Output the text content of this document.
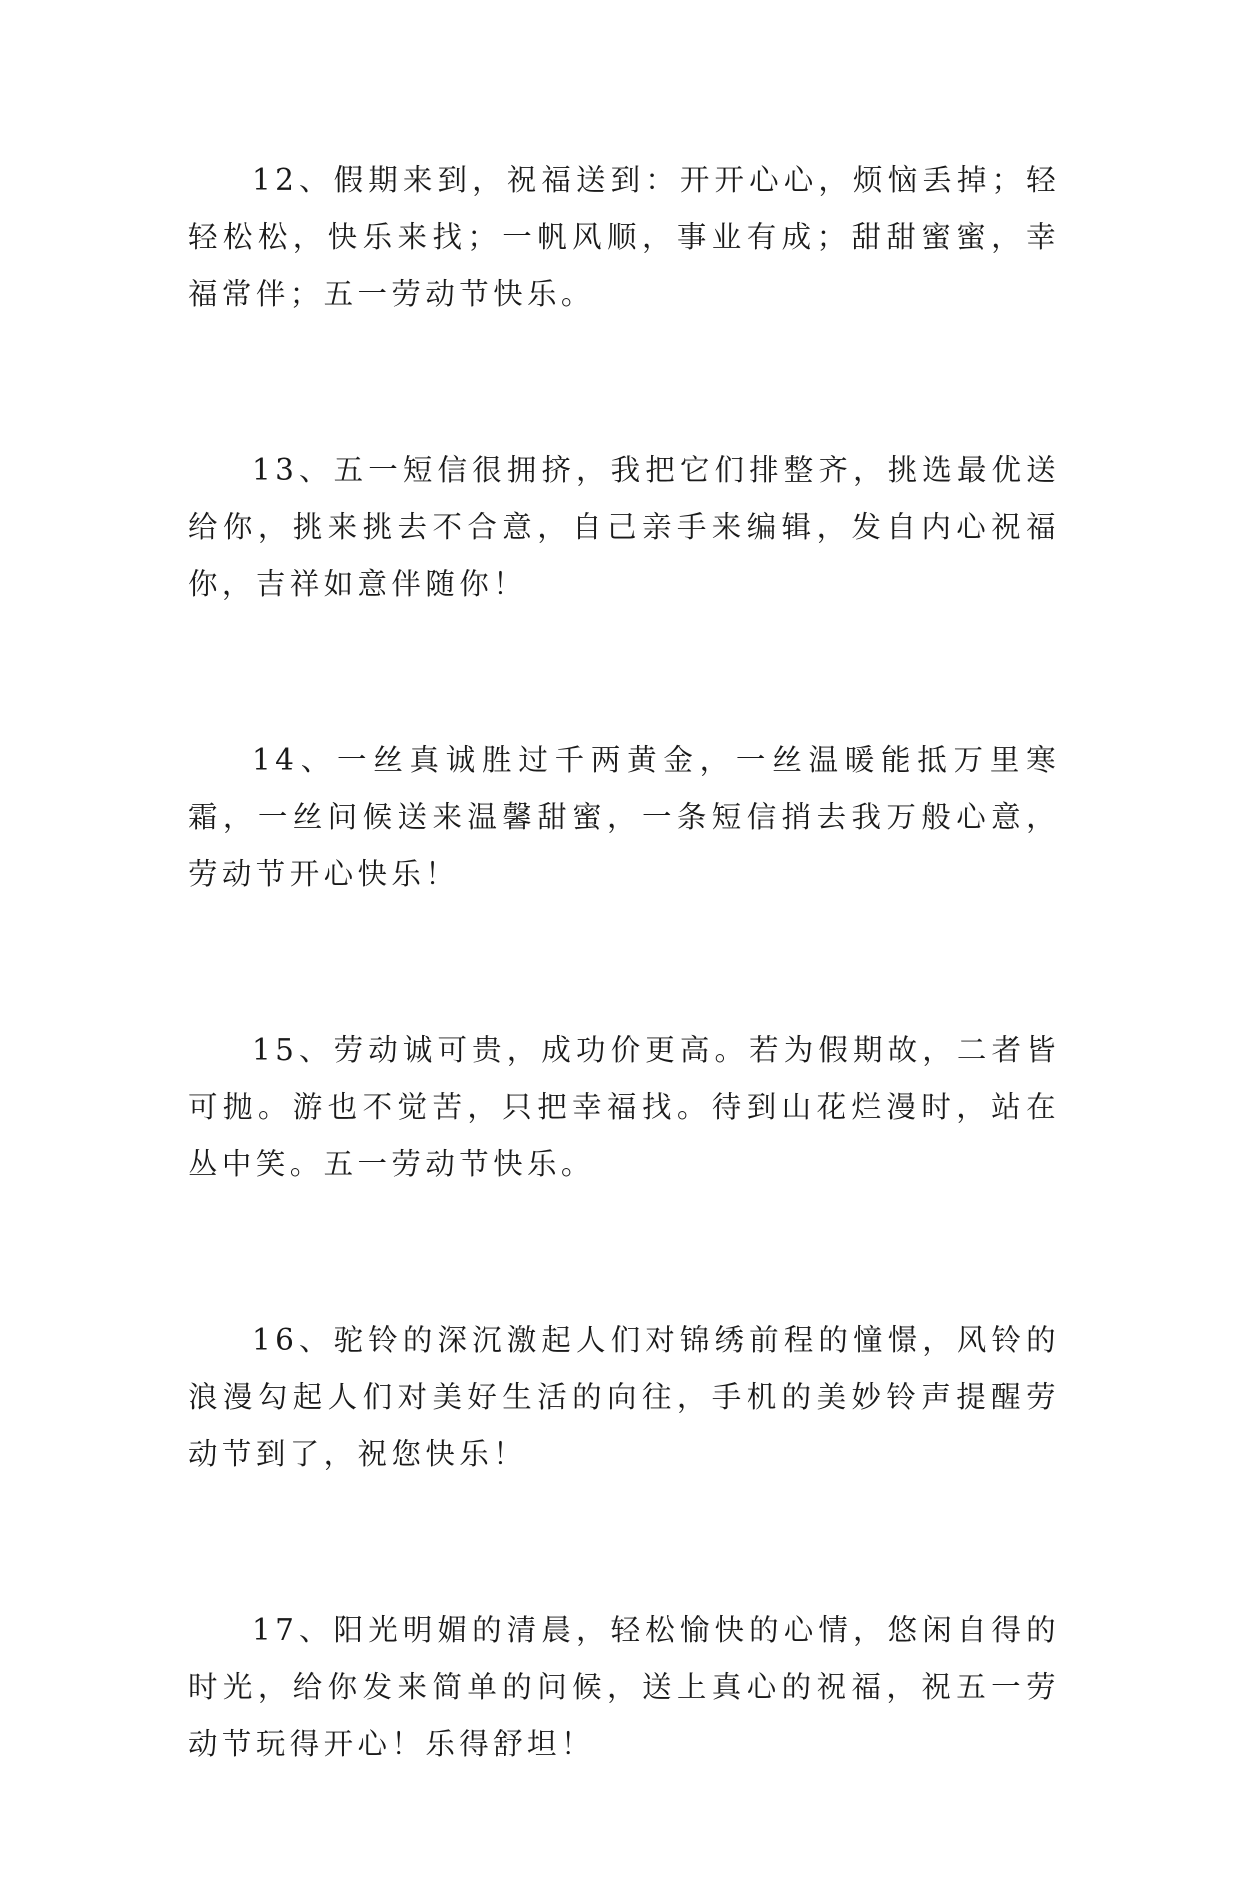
12、假期来到，祝福送到：开开心心，烦恼丢掉；轻轻松松，快乐来找；一帆风顺，事业有成；甜甜蜜蜜，幸福常伴；五一劳动节快乐。

13、五一短信很拥挤，我把它们排整齐，挑选最优送给你，挑来挑去不合意，自己亲手来编辑，发自内心祝福你，吉祥如意伴随你！

14、一丝真诚胜过千两黄金，一丝温暖能抵万里寒霜，一丝问候送来温馨甜蜜，一条短信捎去我万般心意，劳动节开心快乐！

15、劳动诚可贵，成功价更高。若为假期故，二者皆可抛。游也不觉苦，只把幸福找。待到山花烂漫时，站在丛中笑。五一劳动节快乐。

16、驼铃的深沉激起人们对锦绣前程的憧憬，风铃的浪漫勾起人们对美好生活的向往，手机的美妙铃声提醒劳动节到了，祝您快乐！

17、阳光明媚的清晨，轻松愉快的心情，悠闲自得的时光，给你发来简单的问候，送上真心的祝福，祝五一劳动节玩得开心！乐得舒坦！
